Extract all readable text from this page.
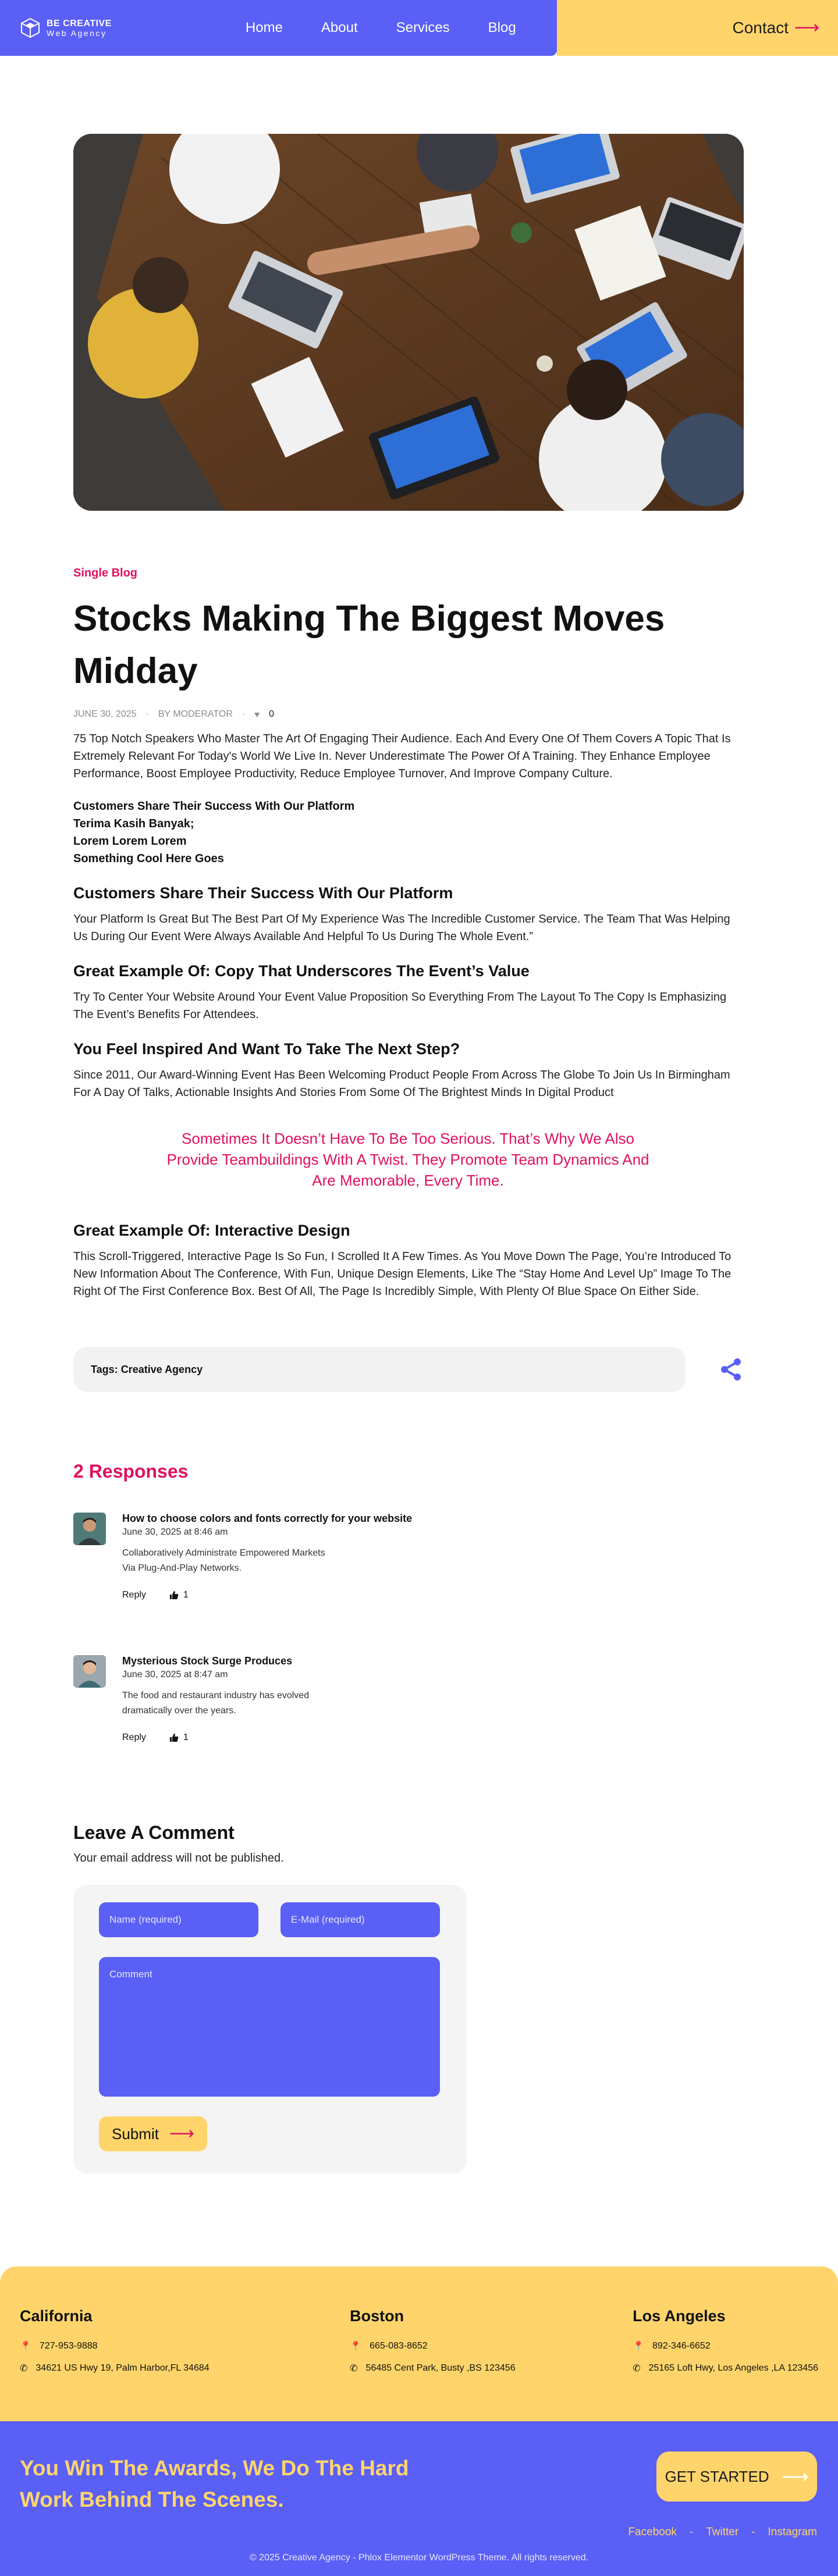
BE CREATIVE
Web Agency	Home	About	Services	Blog	Contact ⟶
Single Blog
Stocks Making The Biggest Moves Midday
JUNE 30, 2025 · BY MODERATOR · ♥ 0

75 Top Notch Speakers Who Master The Art Of Engaging Their Audience. Each And Every One Of Them Covers A Topic That Is Extremely Relevant For Today's World We Live In. Never Underestimate The Power Of A Training. They Enhance Employee Performance, Boost Employee Productivity, Reduce Employee Turnover, And Improve Company Culture.

Customers Share Their Success With Our Platform
Terima Kasih Banyak;
Lorem Lorem Lorem
Something Cool Here Goes
Customers Share Their Success With Our Platform

Your Platform Is Great But The Best Part Of My Experience Was The Incredible Customer Service. The Team That Was Helping Us During Our Event Were Always Available And Helpful To Us During The Whole Event.”

Great Example Of: Copy That Underscores The Event’s Value

Try To Center Your Website Around Your Event Value Proposition So Everything From The Layout To The Copy Is Emphasizing The Event’s Benefits For Attendees.

You Feel Inspired And Want To Take The Next Step?

Since 2011, Our Award-Winning Event Has Been Welcoming Product People From Across The Globe To Join Us In Birmingham For A Day Of Talks, Actionable Insights And Stories From Some Of The Brightest Minds In Digital Product

Sometimes It Doesn’t Have To Be Too Serious. That’s Why We Also Provide Teambuildings With A Twist. They Promote Team Dynamics And Are Memorable, Every Time.
Great Example Of: Interactive Design

This Scroll-Triggered, Interactive Page Is So Fun, I Scrolled It A Few Times. As You Move Down The Page, You’re Introduced To New Information About The Conference, With Fun, Unique Design Elements, Like The “Stay Home And Level Up” Image To The Right Of The First Conference Box. Best Of All, The Page Is Incredibly Simple, With Plenty Of Blue Space On Either Side.

Tags:
Creative Agency
2 Responses
How to choose colors and fonts correctly for your website
June 30, 2025 at 8:46 am
Collaboratively Administrate Empowered Markets Via Plug-And-Play Networks.
Reply	1
Mysterious Stock Surge Produces
June 30, 2025 at 8:47 am
The food and restaurant industry has evolved dramatically over the years.
Reply	1
Leave A Comment

Your email address will not be published.

Name (required)	E-Mail (required)
Comment
Submit ⟶
California
📍 727-953-9888
✆ 34621 US Hwy 19, Palm Harbor,FL 34684
Boston
📍 665-083-8652
✆ 56485 Cent Park, Busty ,BS 123456
Los Angeles
📍 892-346-6652
✆ 25165 Loft Hwy, Los Angeles ,LA 123456
You Win The Awards, We Do The Hard Work Behind The Scenes.
GET STARTED ⟶
Facebook - Twitter - Instagram
© 2025 Creative Agency - Phlox Elementor WordPress Theme. All rights reserved.
